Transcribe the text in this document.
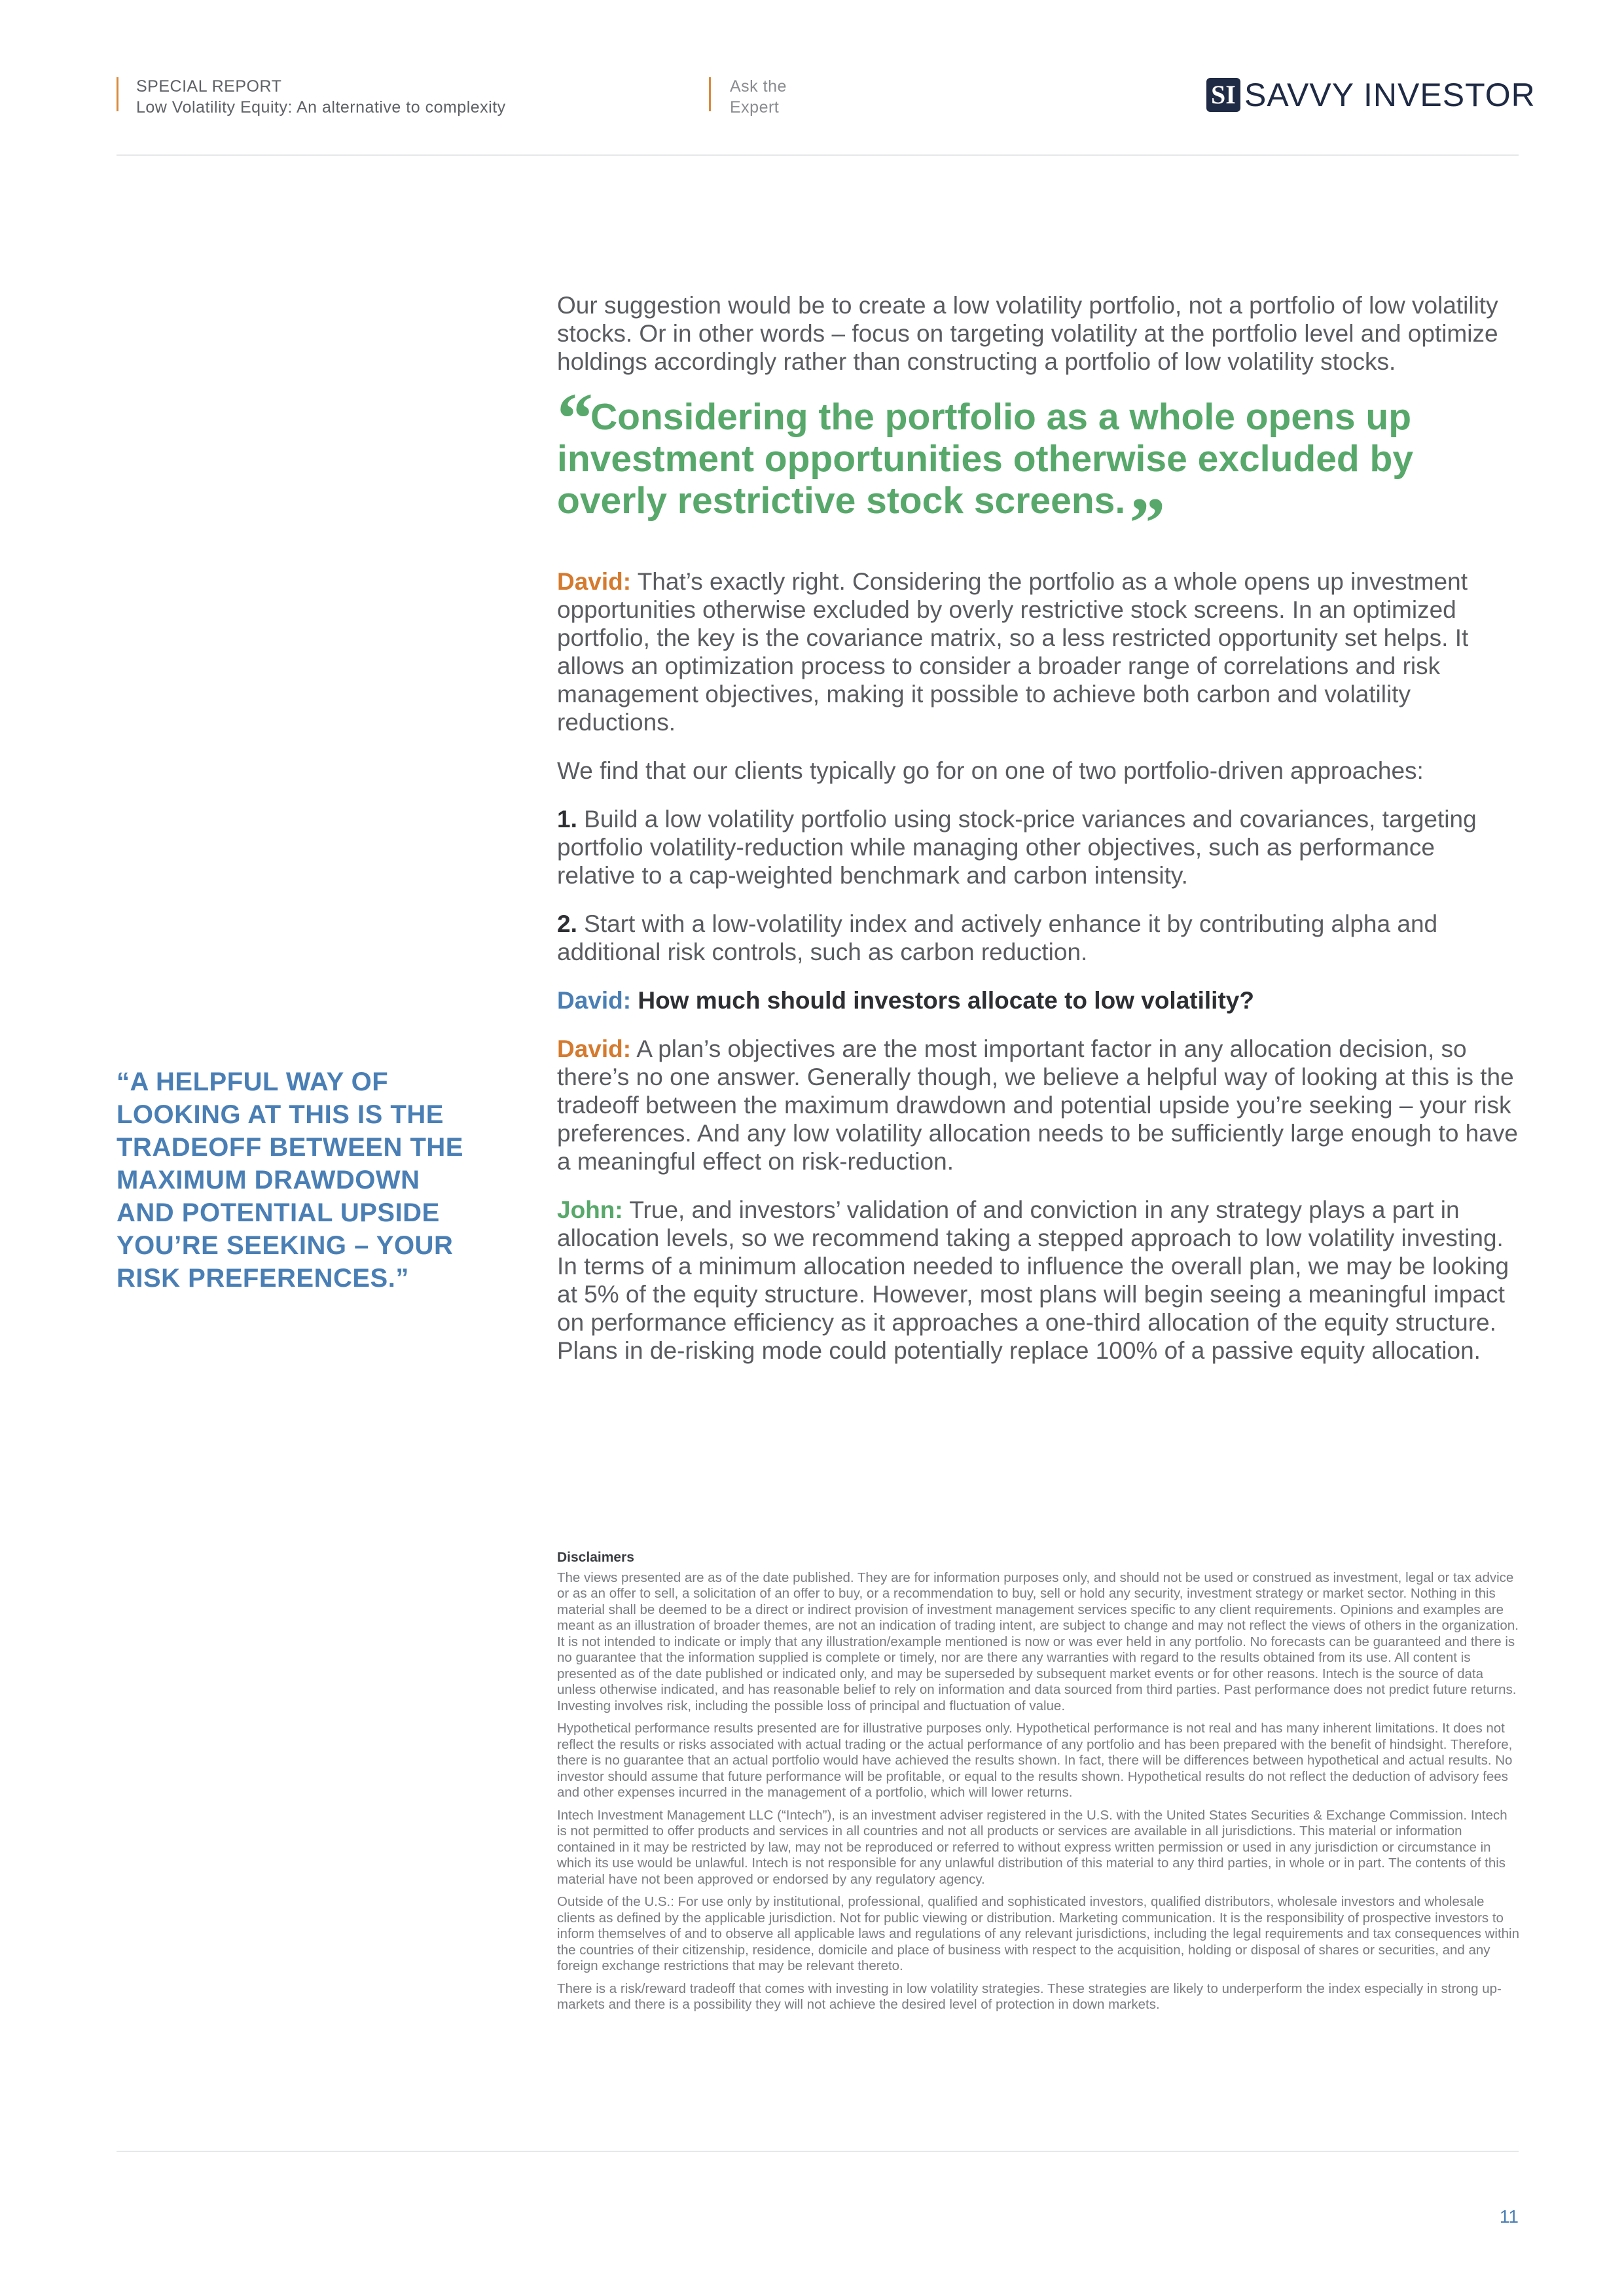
SPECIAL REPORT
Low Volatility Equity: An alternative to complexity
Ask the
Expert	SI SAVVY INVESTOR
“A HELPFUL WAY OF LOOKING AT THIS IS THE TRADEOFF BETWEEN THE MAXIMUM DRAWDOWN AND POTENTIAL UPSIDE YOU’RE SEEKING – YOUR RISK PREFERENCES.”

Our suggestion would be to create a low volatility portfolio, not a portfolio of low volatility stocks. Or in other words – focus on targeting volatility at the portfolio level and optimize holdings accordingly rather than constructing a portfolio of low volatility stocks.

“Considering the portfolio as a whole opens up investment opportunities otherwise excluded by overly restrictive stock screens.”

David: That’s exactly right. Considering the portfolio as a whole opens up investment opportunities otherwise excluded by overly restrictive stock screens. In an optimized portfolio, the key is the covariance matrix, so a less restricted opportunity set helps. It allows an optimization process to consider a broader range of correlations and risk management objectives, making it possible to achieve both carbon and volatility reductions.

We find that our clients typically go for on one of two portfolio-driven approaches:

1. Build a low volatility portfolio using stock-price variances and covariances, targeting portfolio volatility-reduction while managing other objectives, such as performance relative to a cap-weighted benchmark and carbon intensity.

2. Start with a low-volatility index and actively enhance it by contributing alpha and additional risk controls, such as carbon reduction.

David: How much should investors allocate to low volatility?

David: A plan’s objectives are the most important factor in any allocation decision, so there’s no one answer. Generally though, we believe a helpful way of looking at this is the tradeoff between the maximum drawdown and potential upside you’re seeking – your risk preferences. And any low volatility allocation needs to be sufficiently large enough to have a meaningful effect on risk-reduction.

John: True, and investors’ validation of and conviction in any strategy plays a part in allocation levels, so we recommend taking a stepped approach to low volatility investing. In terms of a minimum allocation needed to influence the overall plan, we may be looking at 5% of the equity structure. However, most plans will begin seeing a meaningful impact on performance efficiency as it approaches a one-third allocation of the equity structure. Plans in de-risking mode could potentially replace 100% of a passive equity allocation.

Disclaimers

The views presented are as of the date published. They are for information purposes only, and should not be used or construed as investment, legal or tax advice or as an offer to sell, a solicitation of an offer to buy, or a recommendation to buy, sell or hold any security, investment strategy or market sector. Nothing in this material shall be deemed to be a direct or indirect provision of investment management services specific to any client requirements. Opinions and examples are meant as an illustration of broader themes, are not an indication of trading intent, are subject to change and may not reflect the views of others in the organization. It is not intended to indicate or imply that any illustration/example mentioned is now or was ever held in any portfolio. No forecasts can be guaranteed and there is no guarantee that the information supplied is complete or timely, nor are there any warranties with regard to the results obtained from its use. All content is presented as of the date published or indicated only, and may be superseded by subsequent market events or for other reasons. Intech is the source of data unless otherwise indicated, and has reasonable belief to rely on information and data sourced from third parties. Past performance does not predict future returns. Investing involves risk, including the possible loss of principal and fluctuation of value.

Hypothetical performance results presented are for illustrative purposes only. Hypothetical performance is not real and has many inherent limitations. It does not reflect the results or risks associated with actual trading or the actual performance of any portfolio and has been prepared with the benefit of hindsight. Therefore, there is no guarantee that an actual portfolio would have achieved the results shown. In fact, there will be differences between hypothetical and actual results. No investor should assume that future performance will be profitable, or equal to the results shown. Hypothetical results do not reflect the deduction of advisory fees and other expenses incurred in the management of a portfolio, which will lower returns.

Intech Investment Management LLC (“Intech”), is an investment adviser registered in the U.S. with the United States Securities & Exchange Commission. Intech is not permitted to offer products and services in all countries and not all products or services are available in all jurisdictions. This material or information contained in it may be restricted by law, may not be reproduced or referred to without express written permission or used in any jurisdiction or circumstance in which its use would be unlawful. Intech is not responsible for any unlawful distribution of this material to any third parties, in whole or in part. The contents of this material have not been approved or endorsed by any regulatory agency.

Outside of the U.S.: For use only by institutional, professional, qualified and sophisticated investors, qualified distributors, wholesale investors and wholesale clients as defined by the applicable jurisdiction. Not for public viewing or distribution. Marketing communication. It is the responsibility of prospective investors to inform themselves of and to observe all applicable laws and regulations of any relevant jurisdictions, including the legal requirements and tax consequences within the countries of their citizenship, residence, domicile and place of business with respect to the acquisition, holding or disposal of shares or securities, and any foreign exchange restrictions that may be relevant thereto.

There is a risk/reward tradeoff that comes with investing in low volatility strategies. These strategies are likely to underperform the index especially in strong up-markets and there is a possibility they will not achieve the desired level of protection in down markets.

11
